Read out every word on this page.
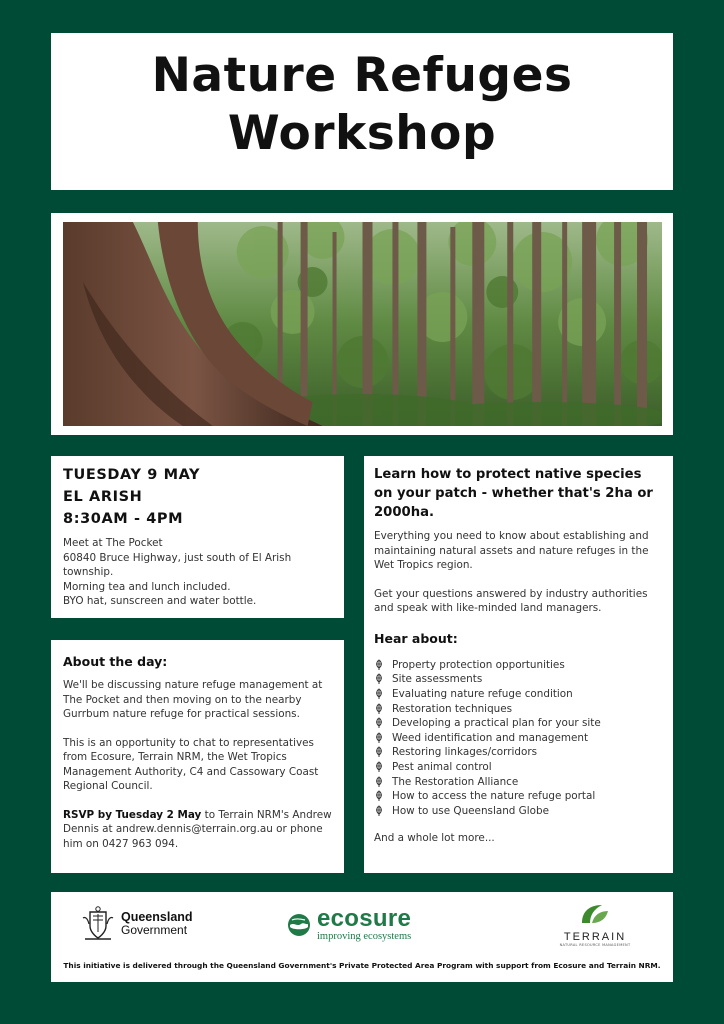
Nature Refuges
Workshop
TUESDAY 9 MAY
EL ARISH
8:30AM - 4PM
Meet at The Pocket
60840 Bruce Highway, just south of El Arish
township.
Morning tea and lunch included.
BYO hat, sunscreen and water bottle.
About the day:

We'll be discussing nature refuge management at The Pocket and then moving on to the nearby Gurrbum nature refuge for practical sessions.

This is an opportunity to chat to representatives from Ecosure, Terrain NRM, the Wet Tropics Management Authority, C4 and Cassowary Coast Regional Council.

RSVP by Tuesday 2 May to Terrain NRM's Andrew Dennis at andrew.dennis@terrain.org.au or phone him on 0427 963 094.

Learn how to protect native species on your patch - whether that's 2ha or 2000ha.

Everything you need to know about establishing and maintaining natural assets and nature refuges in the Wet Tropics region.

Get your questions answered by industry authorities and speak with like-minded land managers.

Hear about:
Property protection opportunities
Site assessments
Evaluating nature refuge condition
Restoration techniques
Developing a practical plan for your site
Weed identification and management
Restoring linkages/corridors
Pest animal control
The Restoration Alliance
How to access the nature refuge portal
How to use Queensland Globe
And a whole lot more...
Queensland
Government	ecosure
improving ecosystems	TERRAIN
NATURAL RESOURCE MANAGEMENT
This initiative is delivered through the Queensland Government's Private Protected Area Program with support from Ecosure and Terrain NRM.
